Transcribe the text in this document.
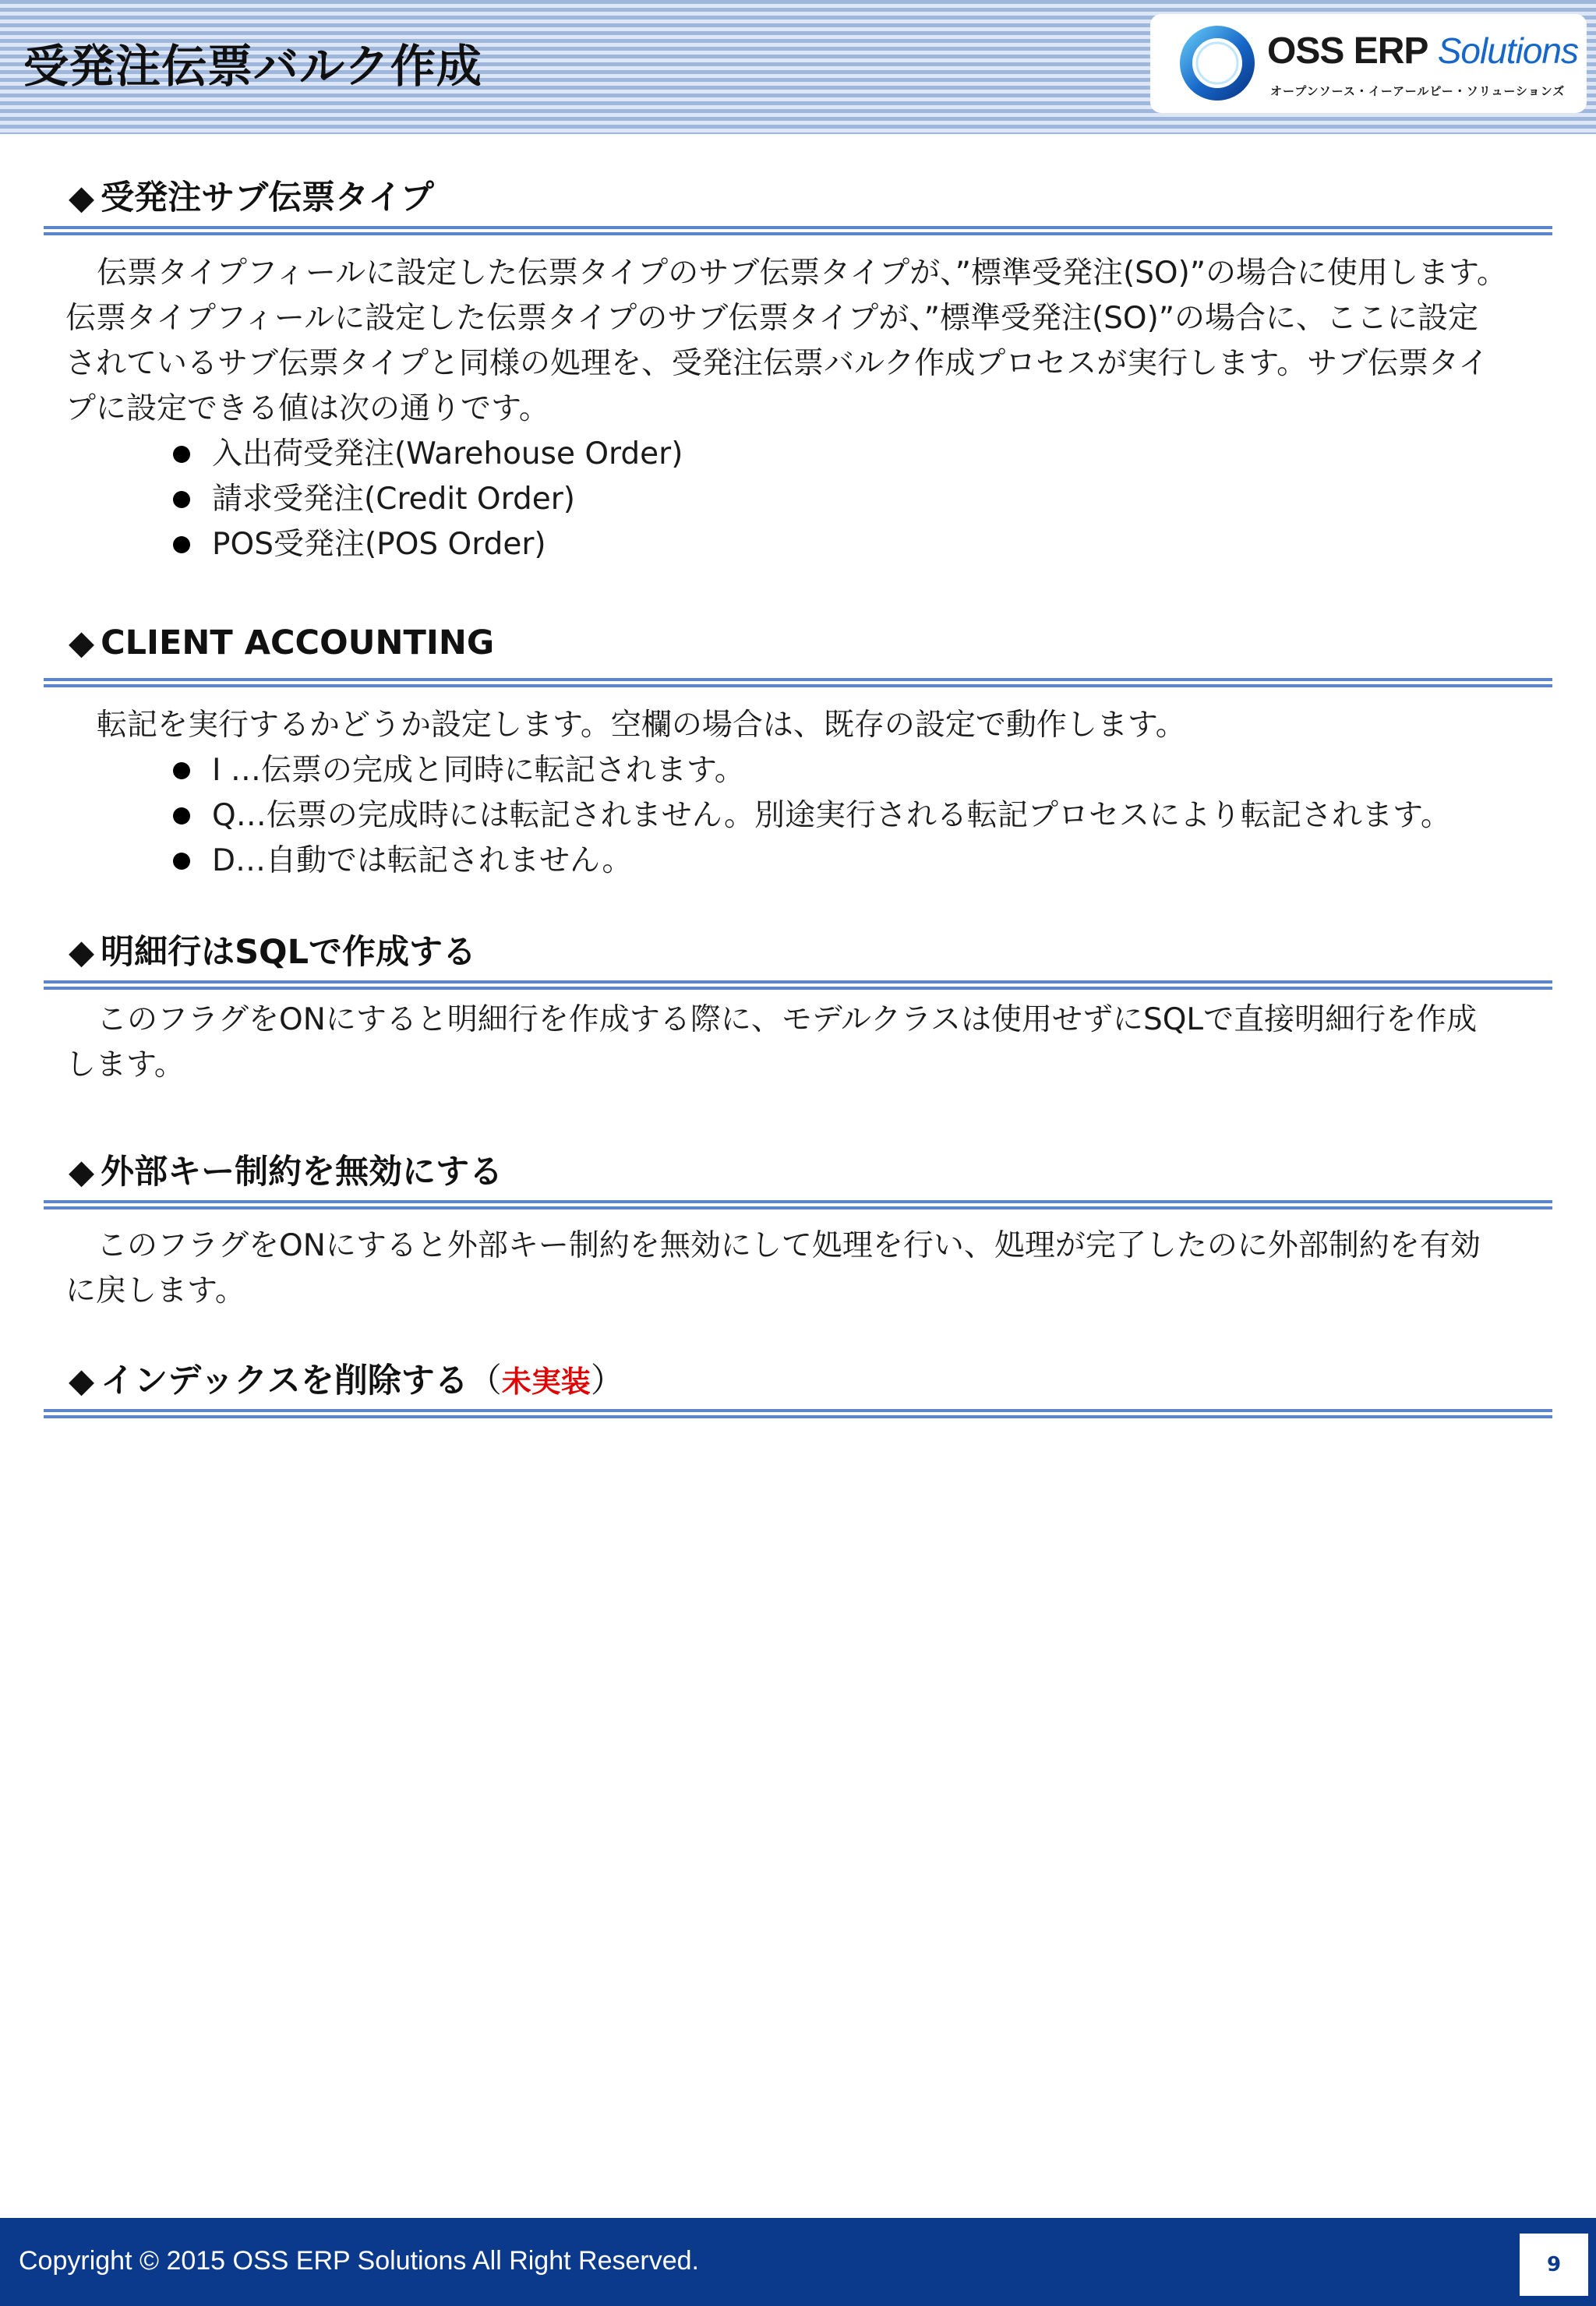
受発注伝票バルク作成	OSS ERP Solutions
オープンソース・イーアールピー・ソリューションズ
◆ 受発注サブ伝票タイプ
伝票タイプフィールに設定した伝票タイプのサブ伝票タイプが、”標準受発注(SO)”の場合に使用します。
伝票タイプフィールに設定した伝票タイプのサブ伝票タイプが、”標準受発注(SO)”の場合に、ここに設定
されているサブ伝票タイプと同様の処理を、受発注伝票バルク作成プロセスが実行します。サブ伝票タイ
プに設定できる値は次の通りです。
入出荷受発注(Warehouse Order)
請求受発注(Credit Order)
POS受発注(POS Order)
◆ CLIENT ACCOUNTING
転記を実行するかどうか設定します。空欄の場合は、既存の設定で動作します。
I …伝票の完成と同時に転記されます。
Q…伝票の完成時には転記されません。別途実行される転記プロセスにより転記されます。
D…自動では転記されません。
◆ 明細行はSQLで作成する
このフラグをONにすると明細行を作成する際に、モデルクラスは使用せずにSQLで直接明細行を作成
します。
◆ 外部キー制約を無効にする
このフラグをONにすると外部キー制約を無効にして処理を行い、処理が完了したのに外部制約を有効
に戻します。
◆ インデックスを削除する（未実装）
Copyright © 2015 OSS ERP Solutions All Right Reserved.	9
